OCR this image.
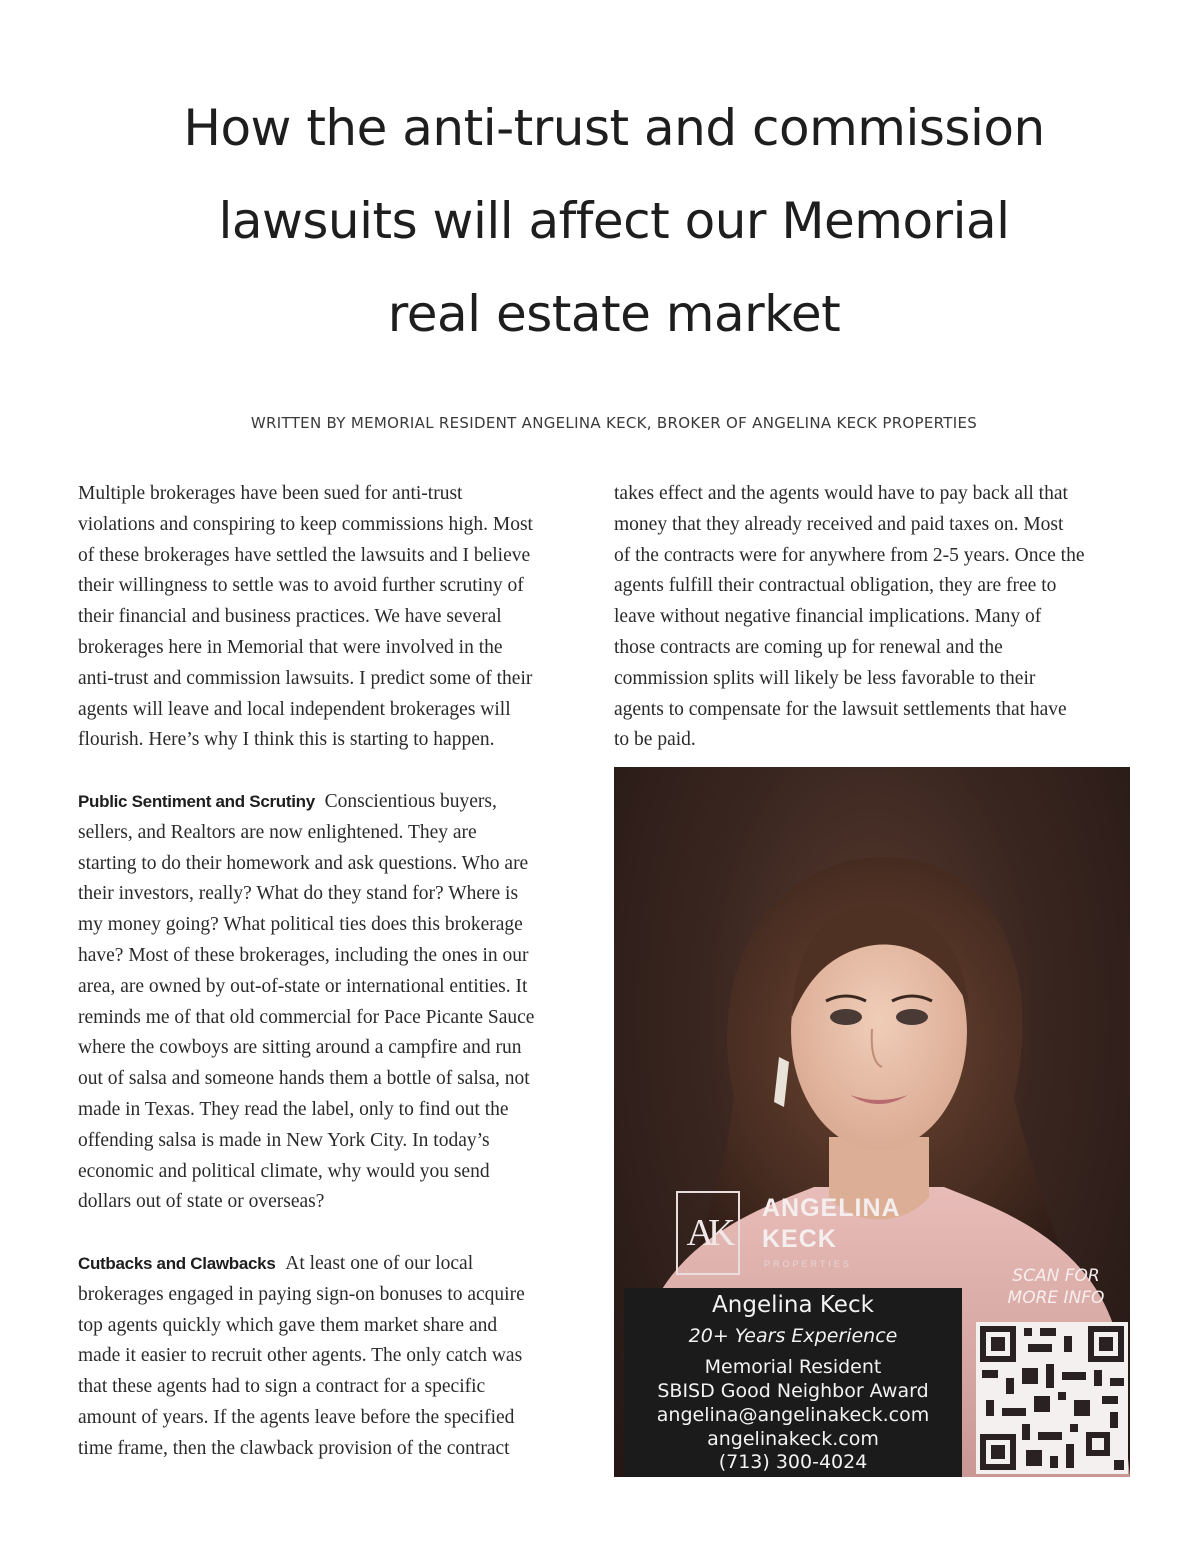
How the anti-trust and commission
lawsuits will affect our Memorial
real estate market
WRITTEN BY MEMORIAL RESIDENT ANGELINA KECK, BROKER OF ANGELINA KECK PROPERTIES

Multiple brokerages have been sued for anti-trust
violations and conspiring to keep commissions high. Most
of these brokerages have settled the lawsuits and I believe
their willingness to settle was to avoid further scrutiny of
their financial and business practices. We have several
brokerages here in Memorial that were involved in the
anti-trust and commission lawsuits. I predict some of their
agents will leave and local independent brokerages will
flourish. Here’s why I think this is starting to happen.

Public Sentiment and Scrutiny Conscientious buyers,
sellers, and Realtors are now enlightened. They are
starting to do their homework and ask questions. Who are
their investors, really? What do they stand for? Where is
my money going? What political ties does this brokerage
have? Most of these brokerages, including the ones in our
area, are owned by out-of-state or international entities. It
reminds me of that old commercial for Pace Picante Sauce
where the cowboys are sitting around a campfire and run
out of salsa and someone hands them a bottle of salsa, not
made in Texas. They read the label, only to find out the
offending salsa is made in New York City. In today’s
economic and political climate, why would you send
dollars out of state or overseas?

Cutbacks and Clawbacks At least one of our local
brokerages engaged in paying sign-on bonuses to acquire
top agents quickly which gave them market share and
made it easier to recruit other agents. The only catch was
that these agents had to sign a contract for a specific
amount of years. If the agents leave before the specified
time frame, then the clawback provision of the contract

takes effect and the agents would have to pay back all that
money that they already received and paid taxes on. Most
of the contracts were for anywhere from 2-5 years. Once the
agents fulfill their contractual obligation, they are free to
leave without negative financial implications. Many of
those contracts are coming up for renewal and the
commission splits will likely be less favorable to their
agents to compensate for the lawsuit settlements that have
to be paid.

AK
ANGELINA
KECK
PROPERTIES
SCAN FOR
MORE INFO
Angelina Keck
20+ Years Experience
Memorial Resident
SBISD Good Neighbor Award
angelina@angelinakeck.com
angelinakeck.com
(713) 300-4024
